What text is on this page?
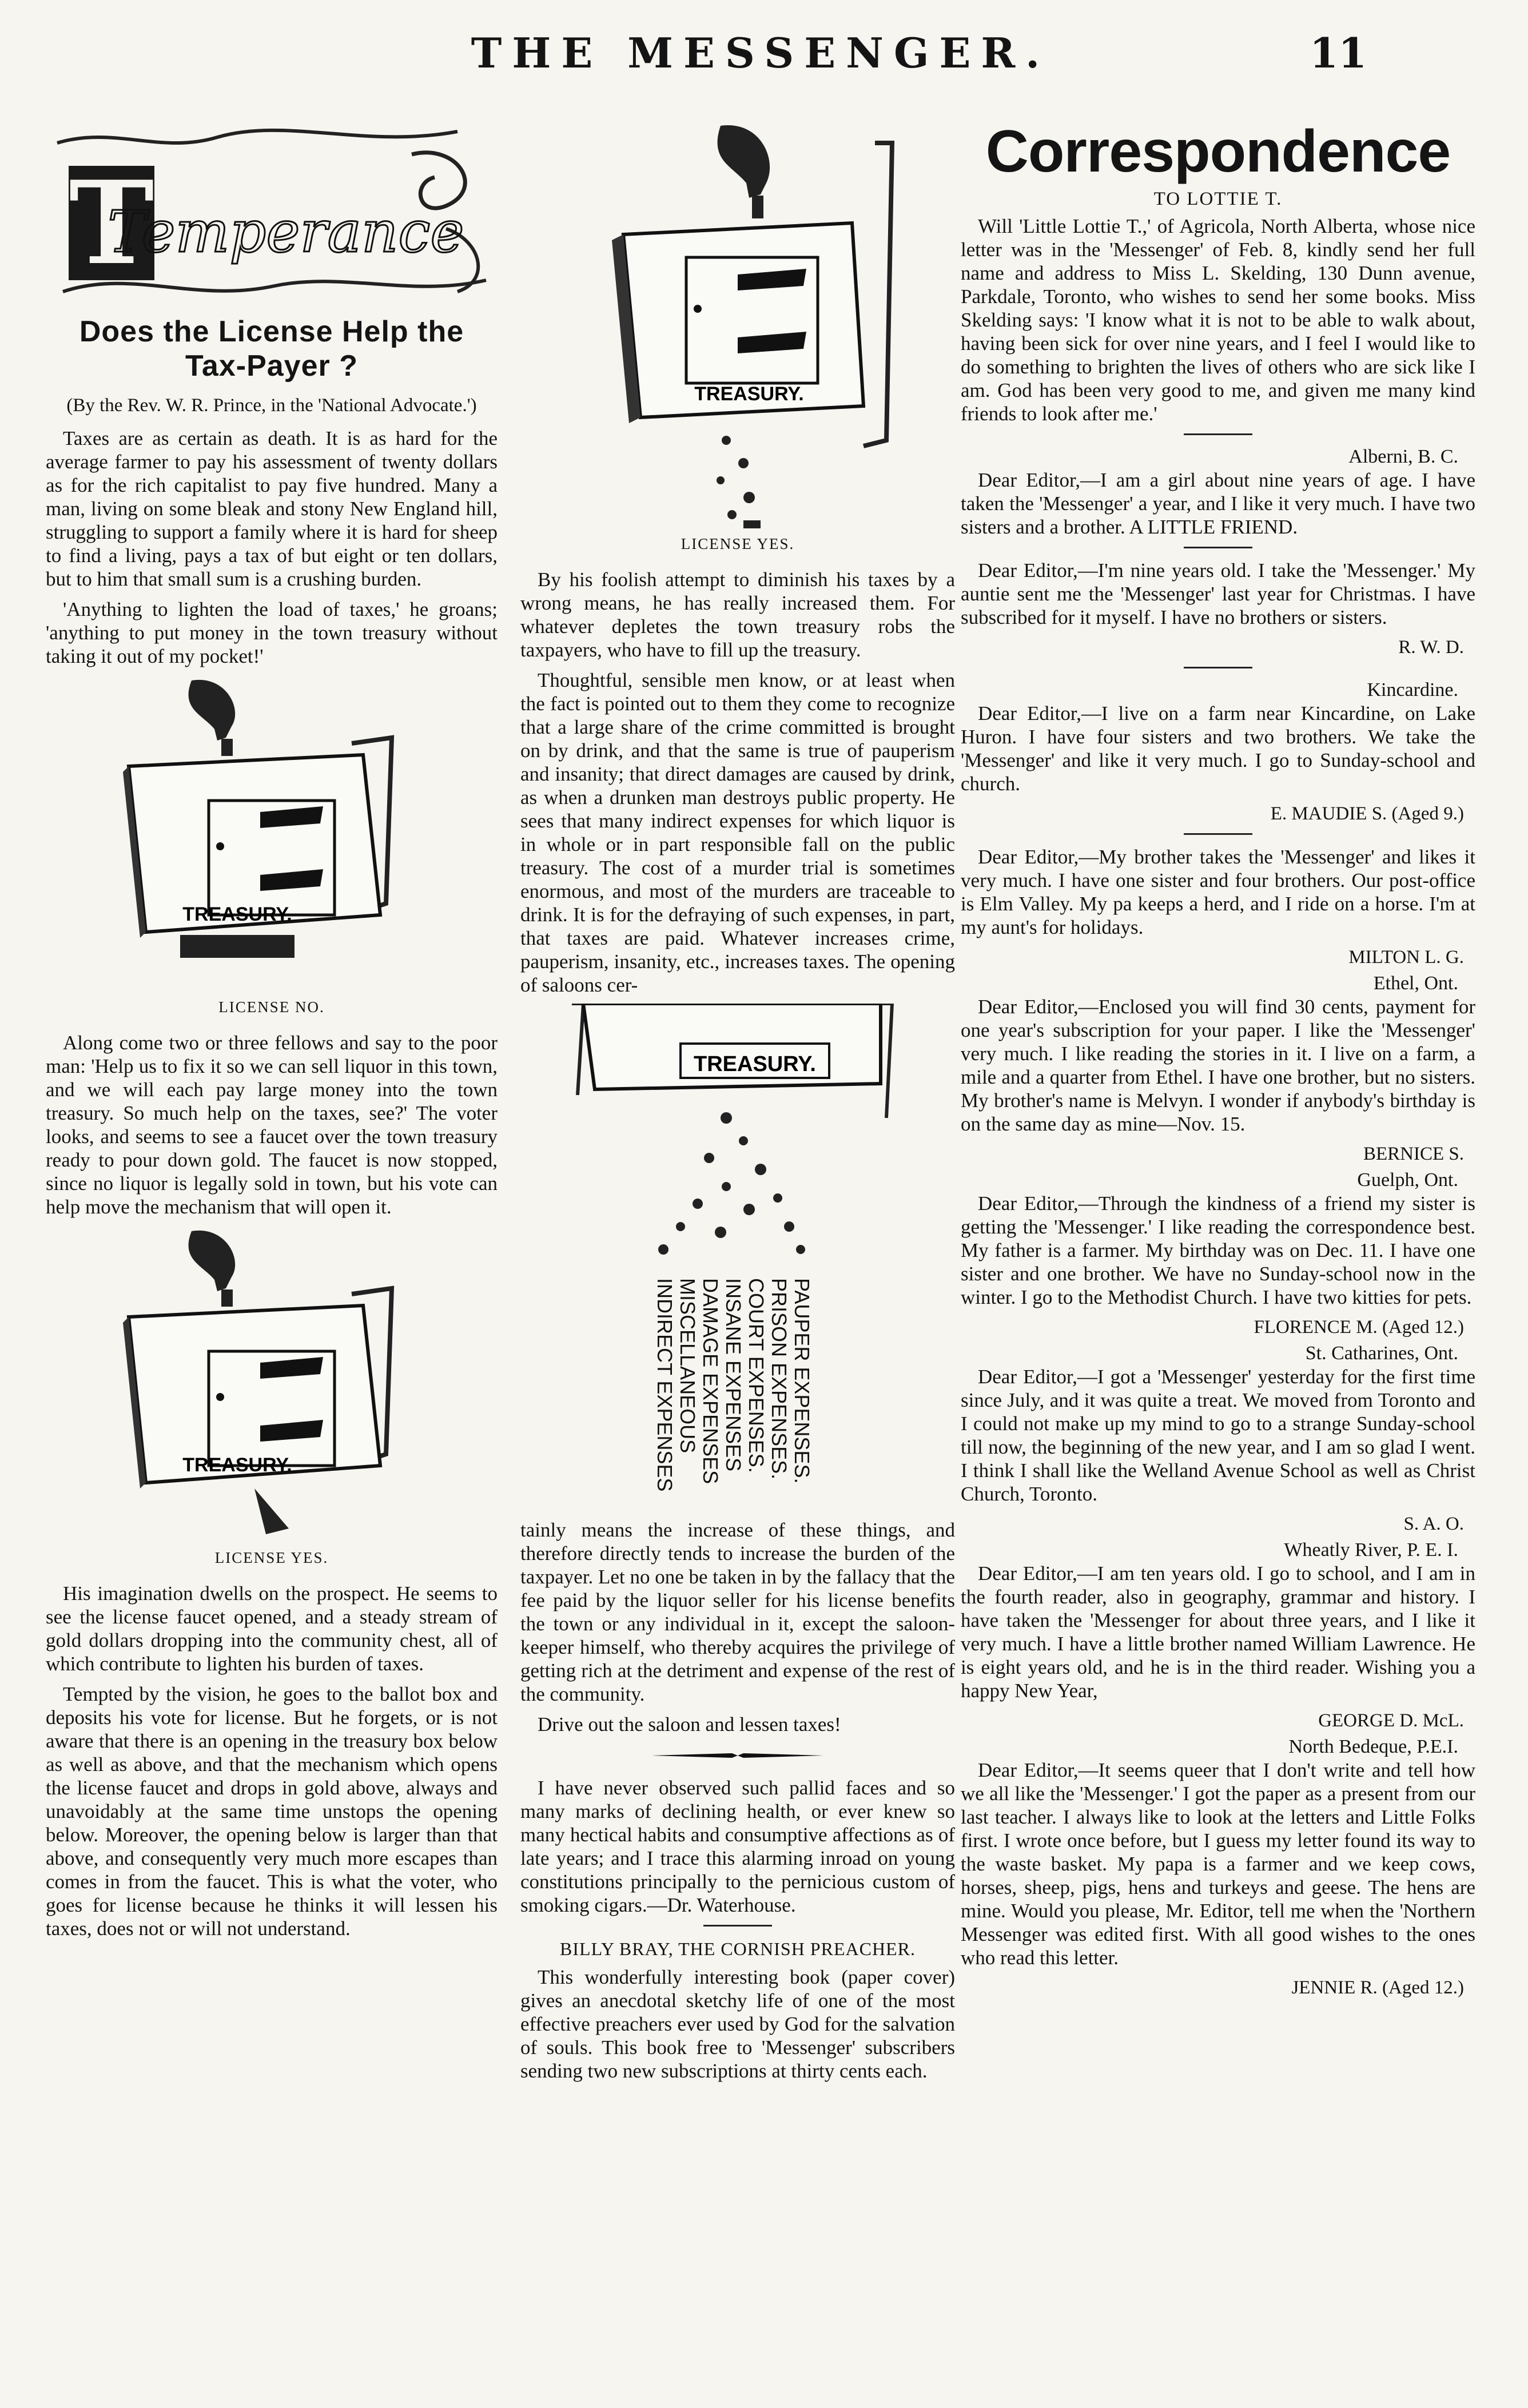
THE MESSENGER.	11
T
Temperance
Does the License Help the Tax-Payer ?
(By the Rev. W. R. Prince, in the 'National Advocate.')

Taxes are as certain as death. It is as hard for the average farmer to pay his assessment of twenty dollars as for the rich capitalist to pay five hundred. Many a man, living on some bleak and stony New England hill, struggling to support a family where it is hard for sheep to find a living, pays a tax of but eight or ten dollars, but to him that small sum is a crushing burden.

'Anything to lighten the load of taxes,' he groans; 'anything to put money in the town treasury without taking it out of my pocket!'

TREASURY.
LICENSE NO.

Along come two or three fellows and say to the poor man: 'Help us to fix it so we can sell liquor in this town, and we will each pay large money into the town treasury. So much help on the taxes, see?' The voter looks, and seems to see a faucet over the town treasury ready to pour down gold. The faucet is now stopped, since no liquor is legally sold in town, but his vote can help move the mechanism that will open it.

TREASURY.
LICENSE YES.

His imagination dwells on the prospect. He seems to see the license faucet opened, and a steady stream of gold dollars dropping into the community chest, all of which contribute to lighten his burden of taxes.

Tempted by the vision, he goes to the ballot box and deposits his vote for license. But he forgets, or is not aware that there is an opening in the treasury box below as well as above, and that the mechanism which opens the license faucet and drops in gold above, always and unavoidably at the same time unstops the opening below. Moreover, the opening below is larger than that above, and consequently very much more escapes than comes in from the faucet. This is what the voter, who goes for license because he thinks it will lessen his taxes, does not or will not understand.

TREASURY.
LICENSE YES.

By his foolish attempt to diminish his taxes by a wrong means, he has really increased them. For whatever depletes the town treasury robs the taxpayers, who have to fill up the treasury.

Thoughtful, sensible men know, or at least when the fact is pointed out to them they come to recognize that a large share of the crime committed is brought on by drink, and that the same is true of pauperism and insanity; that direct damages are caused by drink, as when a drunken man destroys public property. He sees that many indirect expenses for which liquor is in whole or in part responsible fall on the public treasury. The cost of a murder trial is sometimes enormous, and most of the murders are traceable to drink. It is for the defraying of such expenses, in part, that taxes are paid. Whatever increases crime, pauperism, insanity, etc., increases taxes. The opening of saloons cer-

TREASURY.
PAUPER EXPENSES.
PRISON EXPENSES.
COURT EXPENSES.
INSANE EXPENSES
DAMAGE EXPENSES
MISCELLANEOUS
INDIRECT EXPENSES

tainly means the increase of these things, and therefore directly tends to increase the burden of the taxpayer. Let no one be taken in by the fallacy that the fee paid by the liquor seller for his license benefits the town or any individual in it, except the saloon-keeper himself, who thereby acquires the privilege of getting rich at the detriment and expense of the rest of the community.

Drive out the saloon and lessen taxes!

I have never observed such pallid faces and so many marks of declining health, or ever knew so many hectical habits and consumptive affections as of late years; and I trace this alarming inroad on young constitutions principally to the pernicious custom of smoking cigars.—Dr. Waterhouse.

BILLY BRAY, THE CORNISH PREACHER.

This wonderfully interesting book (paper cover) gives an anecdotal sketchy life of one of the most effective preachers ever used by God for the salvation of souls. This book free to 'Messenger' subscribers sending two new subscriptions at thirty cents each.

Correspondence
TO LOTTIE T.

Will 'Little Lottie T.,' of Agricola, North Alberta, whose nice letter was in the 'Messenger' of Feb. 8, kindly send her full name and address to Miss L. Skelding, 130 Dunn avenue, Parkdale, Toronto, who wishes to send her some books. Miss Skelding says: 'I know what it is not to be able to walk about, having been sick for over nine years, and I feel I would like to do something to brighten the lives of others who are sick like I am. God has been very good to me, and given me many kind friends to look after me.'

Alberni, B. C.

Dear Editor,—I am a girl about nine years of age. I have taken the 'Messenger' a year, and I like it very much. I have two sisters and a brother. A LITTLE FRIEND.

Dear Editor,—I'm nine years old. I take the 'Messenger.' My auntie sent me the 'Messenger' last year for Christmas. I have subscribed for it myself. I have no brothers or sisters.

R. W. D.
Kincardine.

Dear Editor,—I live on a farm near Kincardine, on Lake Huron. I have four sisters and two brothers. We take the 'Messenger' and like it very much. I go to Sunday-school and church.

E. MAUDIE S. (Aged 9.)

Dear Editor,—My brother takes the 'Messenger' and likes it very much. I have one sister and four brothers. Our post-office is Elm Valley. My pa keeps a herd, and I ride on a horse. I'm at my aunt's for holidays.

MILTON L. G.
Ethel, Ont.

Dear Editor,—Enclosed you will find 30 cents, payment for one year's subscription for your paper. I like the 'Messenger' very much. I like reading the stories in it. I live on a farm, a mile and a quarter from Ethel. I have one brother, but no sisters. My brother's name is Melvyn. I wonder if anybody's birthday is on the same day as mine—Nov. 15.

BERNICE S.
Guelph, Ont.

Dear Editor,—Through the kindness of a friend my sister is getting the 'Messenger.' I like reading the correspondence best. My father is a farmer. My birthday was on Dec. 11. I have one sister and one brother. We have no Sunday-school now in the winter. I go to the Methodist Church. I have two kitties for pets.

FLORENCE M. (Aged 12.)
St. Catharines, Ont.

Dear Editor,—I got a 'Messenger' yesterday for the first time since July, and it was quite a treat. We moved from Toronto and I could not make up my mind to go to a strange Sunday-school till now, the beginning of the new year, and I am so glad I went. I think I shall like the Welland Avenue School as well as Christ Church, Toronto.

S. A. O.
Wheatly River, P. E. I.

Dear Editor,—I am ten years old. I go to school, and I am in the fourth reader, also in geography, grammar and history. I have taken the 'Messenger for about three years, and I like it very much. I have a little brother named William Lawrence. He is eight years old, and he is in the third reader. Wishing you a happy New Year,

GEORGE D. McL.
North Bedeque, P.E.I.

Dear Editor,—It seems queer that I don't write and tell how we all like the 'Messenger.' I got the paper as a present from our last teacher. I always like to look at the letters and Little Folks first. I wrote once before, but I guess my letter found its way to the waste basket. My papa is a farmer and we keep cows, horses, sheep, pigs, hens and turkeys and geese. The hens are mine. Would you please, Mr. Editor, tell me when the 'Northern Messenger was edited first. With all good wishes to the ones who read this letter.

JENNIE R. (Aged 12.)
